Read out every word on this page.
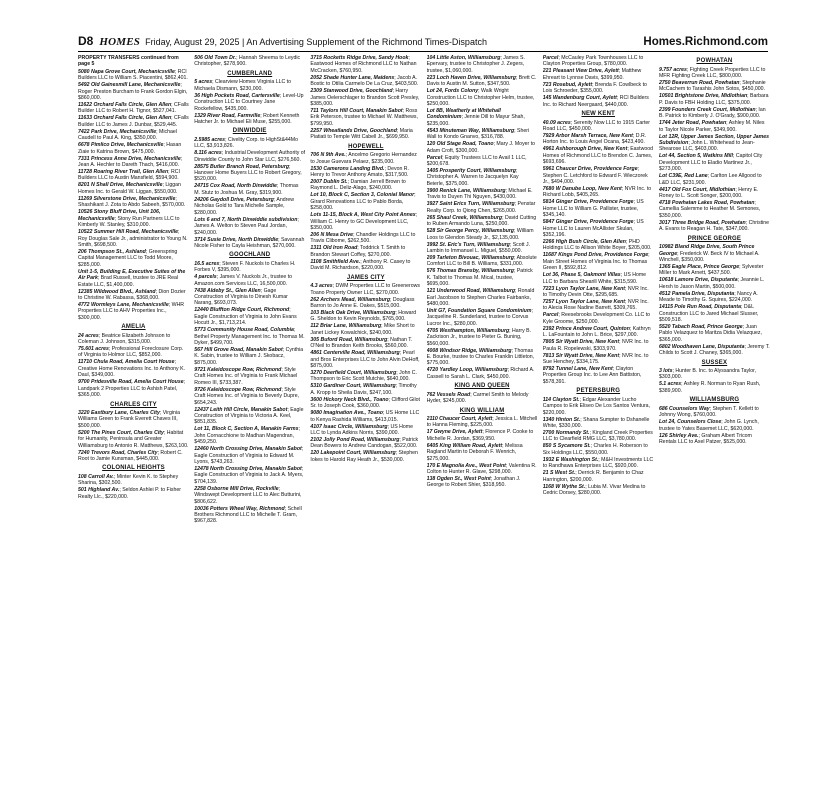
D8 HOMES Friday, August 29, 2025 | An Advertising Supplement of the Richmond Times-Dispatch	Homes.Richmond.com
PROPERTY TRANSFERS continued from page 5
5080 Napa Grove Court, Mechanicsville; RCI Builders LLC to William S. Piacentini, $862,401.
5492 Old Gainesmill Lane, Mechanicsville; Roger Preston Burcham to Frank Gordon Elgin, $860,000.
11622 Orchard Falls Circle, Glen Allen; CFalls Builder LLC to Robert H. Tignor, $527,041.
11633 Orchard Falls Circle, Glen Allen; CFalls Builder LLC to James J. Dunbar, $529,445.
7422 Park Drive, Mechanicsville; Michael Caudell to Paul A. King, $350,000.
6678 Pimlico Drive, Mechanicsville; Hasan Ziaie to Katrina Brown, $475,000.
7331 Princess Anne Drive, Mechanicsville; Jean A. Hechler to Dareth Thach, $416,000.
11728 Roaring River Trail, Glen Allen; RCI Builders LLC to Austin Mansfield, $594,900.
8201 N Shall Drive, Mechanicsville; Liggan Homes Inc. to Gerald W. Liggan, $550,000.
11269 Silverstone Drive, Mechanicsville; Shashikant J. Zota to Abdo Sabeeh, $570,000.
10526 Stony Bluff Drive, Unit 106, Mechanicsville; Stony Run Partners LLC to Kimberly W. Stanley, $310,000.
10522 Summer Hill Road, Mechanicsville; Roy Douglas Sale Jr., administrator to Young N. Smith, $698,500.
206 Thompson St., Ashland; Greenspring Capital Management LLC to Todd Moore, $285,000.
Unit 1-5, Building E, Executive Suites of the Air Park; Brad Russell, trustee to JRE Real Estate LLC, $1,400,000.
12385 Wildwood Blvd., Ashland; Dion Dozier to Christine W. Rabassa, $368,000.
4772 Wormleys Lane, Mechanicsville; WHR Properties LLC to AHV Properties Inc., $300,000.
AMELIA
24 acres; Beatrice Elizabeth Johnson to Coleman J. Johnson, $315,000.
75.601 acres; Professional Foreclosure Corp. of Virginia to Holmor LLC, $852,000.
11710 Chula Road, Amelia Court House; Creative Home Renovations Inc. to Anthony K. Daul, $349,000.
9700 Pridesville Road, Amelia Court House; Landpark 2 Properties LLC to Ashish Patel, $365,000.
CHARLES CITY
3220 Eastbury Lane, Charles City; Virginia Williams Green to Frank Everett Chaves III, $500,000.
5200 The Pines Court, Charles City; Habitat for Humanity, Peninsula and Greater Williamsburg to Antonio R. Matthews, $263,100.
7240 Trevors Road, Charles City; Robert C. Root to Jamie Kunsman, $445,000.
COLONIAL HEIGHTS
108 Carroll Av.; Minter Kevin K. to Stephey Sharina, $302,500.
501 Highland Av.; Seldon Ashlei P. to Fisher Realty Llc., $220,000.
506 Old Town Dr.; Hannah Sheema to Leydic Christopher, $278,900.
CUMBERLAND
5 acres; Clearview Homes Virginia LLC to Michaela Dismann, $230,000.
36 High Pockets Road, Cartersville; Level-Up Construction LLC to Courtney Jane Rockefellow, $435,000.
1329 River Road, Farmville; Robert Kenneth Hatcher Jr. to Michael Eli Muse, $255,000.
DINWIDDIE
2.5985 acres; Civelity Corp. to HighSt&44Mo LLC, $3,913,826.
8.116 acres; Industrial Development Authority of Dinwiddie County to John Star LLC, $276,560.
28575 Butler Branch Road, Petersburg; Hanover Home Buyers LLC to Robert Gregory, $520,000.
24715 Cox Road, North Dinwiddie; Thomas M. Stutz to Joshua M. Gray, $319,900.
24206 Gaydoll Drive, Petersburg; Andrew Nicholas Gold to Tara Michelle Sample, $280,000.
Lots 6 and 7, North Dinwiddie subdivision; James A. Welton to Steven Paul Jordan, $240,000.
3714 Susie Drive, North Dinwiddie; Savannah Nicole Fisher to Cayla Heishman, $270,000.
GOOCHLAND
16.5 acres; Steven F. Nuckols to Charles H. Forbes V, $395,000.
4 parcels; James V. Nuckols Jr., trustee to Amazon.com Services LLC, 16,500,000.
7438 Aldeby St., Glen Allen; Gage Construction of Virginia to Dinesh Kumar Narang, $693,073.
12440 Bluffton Ridge Court, Richmond; Eagle Construction of Virginia to John Evans Hocutt Jr., $1,713,214.
5773 Community House Road, Columbia; Bethel Property Management Inc. to Thomas M. Dyker, $499,700.
567 Hill Grove Road, Manakin Sabot; Cynthia K. Sabin, trustee to William J. Skobacz, $875,000.
9721 Kaleidoscope Row, Richmond; Style Craft Homes Inc. of Virginia to Frank Michael Romeo III, $733,387.
9726 Kaleidoscope Row, Richmond; Style Craft Homes Inc. of Virginia to Beverly Dupre, $654,243.
12437 Leith Hill Circle, Manakin Sabot; Eagle Construction of Virginia to Victoria A. Keel, $851,835.
Lot 11, Block C, Section A, Manakin Farms; John Cornacchione to Madhan Magendran, $459,250.
12460 North Crossing Drive, Manakin Sabot; Eagle Construction of Virginia to Edward M. Lyons, $743,263.
12478 North Crossing Drive, Manakin Sabot; Eagle Construction of Virginia to Jack A. Myers, $704,139.
2258 Osborne Mill Drive, Rockville; Windswept Development LLC to Alec Butturini, $806,622.
10036 Potters Wheel Way, Richmond; Schell Brothers Richmond LLC to Michelle T. Gram, $967,828.
3715 Rocketts Ridge Drive, Sandy Hook; Eastwood Homes of Richmond LLC to Nathan McCracken, $760,950.
2052 Shade Hunter Lane, Maidens; Jacob A. Bostic to Otilia Carmelo De La Cruz, $403,500.
2309 Stanwood Drive, Goochland; Harry James Oelerschlager to Brandon Scott Presley, $385,000.
711 Taylors Hill Court, Manakin Sabot; Ross Erik Peterson, trustee to Michael W. Matthews, $799,950.
2257 Wheatlands Drive, Goochland; Maria Piatiati to Temple Witt Cabell Jr., $699,950.
HOPEWELL
706 N 9th Ave.; Ancelmo Gregorio Hernandez to Josue Guevara Pelaez, $235,000.
1530 Camerons Landing Blvd.; Devon R. Henry to Trevor Anthony Amato, $317,500.
2007 Dublin St.; Damian Jerrell Brown to Raymond L. Deliz-Alago, $240,000.
Lot 10, Block C, Section 3, Colonial Manor; Girard Renovations LLC to Pablo Borda, $258,000.
Lots 11-15, Block A, West City Point Annex; William C. Henry to GC Development LLC, $350,000.
206 N Mesa Drive; Chandler Holdings LLC to Travis Clibome, $262,500.
1311 Old Iron Road; Toddrick T. Smith to Brandon Stewart Coffey, $270,000.
1108 Smithfield Ave.; Anthony R. Casey to David M. Richardson, $220,000.
JAMES CITY
4.3 acres; DWM Properties LLC to Greenerows Toano Property Owner LLC, $270,000.
262 Archers Mead, Williamsburg; Douglass Barron to Jo Anne E. Oakes, $515,000.
103 Black Oak Drive, Williamsburg; Howard G. Sheldon to Kevin Reynolds, $765,000.
112 Briar Lane, Williamsburg; Mike Short to Janet Lickey Kowalchick, $240,000.
305 Buford Road, Williamsburg; Nathan T. O'Neil to Brandon Keith Brooks, $560,000.
4861 Centerville Road, Williamsburg; Pearl and Bros Enterprises LLC to John Alvin DeHoff, $875,000.
3270 Deerfield Court, Williamsburg; John C. Thompson to Eric Scott Mutchie, $640,000.
5310 Gardiner Court, Williamsburg; Timothy A. Kropp to Sheila Davis, $247,100.
3600 Hickory Neck Blvd., Toano; Clifford Gilot Sr. to Joseph Cook, $360,000.
9080 Imagination Ave., Toano; US Home LLC to Kenya Rashida Williams, $413,015.
4107 Isaac Circle, Williamsburg; US Home LLC to Lynda Adkins Norris, $390,000.
2102 Jolly Pond Road, Williamsburg; Patrick Dean Bowers to Andrew Candogan, $522,000.
120 Lakepoint Court, Williamsburg; Stephen Iokes to Harold Ray Heath Jr., $530,000.
104 Little Aston, Williamsburg; James S. Epervary, trustee to Christopher J. Zegers, trustee, $1,060,000.
223 Loch Haven Drive, Williamsburg; Brett C. Davis to Austin M. Sutton, $347,500.
Lot 24, Fords Colony; Walk Wright Construction LLC to Christopher Helm, trustee, $250,000.
Lot 8B, Weatherly at Whitehall Condominium; Jennie Dill to Mayur Shah, $235,000.
4543 Minuteman Way, Williamsburg; Sheri Wall to Kondo Gnanvo, $316,788.
120 Old Stage Road, Toano; Mary J. Moyer to Adam Croft, $300,000.
Parcel; Equity Trustees LLC to Avail 1 LLC, $200,678.
1405 Prosperity Court, Williamsburg; Christopher A. Warren to Jacquelyn Kay Beierle, $375,000.
3900 Renick Lane, Williamsburg; Michael E. Travis to Duyen Thi Nguyen, $430,000.
3927 Saint Erics Turn, Williamsburg; Penstar Realty Corp. to Qiong Chen, $265,000.
265 Shaul Creek, Williamsburg; David Cutting to Ruben Armando Luna, $250,000.
528 Sir George Percy, Williamsburg; William Loos to Glendon Steady Jr., $2,135,000.
3992 St. Eric's Turn, Williamsburg; Scott J. Lambin to Immanuel L. Miguel, $550,000.
209 Tarleton Bivouac, Williamsburg; Absolute Comfort LLC to Bill B. Williams, $331,000.
576 Thomas Bransby, Williamsburg; Patrick K. Talbot to Thomas M. Mical, trustee, $695,000.
121 Underwood Road, Williamsburg; Ronald Earl Jacobson to Stephen Charles Fairbanks, $480,000.
Unit G7, Foundation Square Condominium; Jacqueline R. Sunderland, trustee to Corvus Lucror Inc., $280,000.
4705 Westhampton, Williamsburg; Harry B. Zackrison Jr., trustee to Pieter G. Buning, $560,000.
4008 Windsor Ridge, Williamsburg; Thomas E. Bourke, trustee to Charles Franklin Littleton, $775,000.
4720 Yardley Loop, Williamsburg; Richard A. Cassell to Sarah L. Clark, $450,000.
KING AND QUEEN
762 Vessels Road; Carmel Smith to Melody Hyder, $245,000.
KING WILLIAM
2110 Chaucer Court, Aylett; Jessica L. Mitchell to Hanna Fleming, $225,000.
17 Gwyne Drive, Aylett; Florence P. Cooke to Michelle R. Jordan, $369,950.
6405 King William Road, Aylett; Melissa Ragland Martin to Deborah F. Wenrich, $275,000.
170 E Magnolia Ave., West Point; Valentina R. Colton to Hunter R. Glave, $298,000.
138 Ogden St., West Point; Jonathan J. George to Robert Shier, $318,950.
Parcel; McCauley Park Townhouses LLC to Clayton Properties Group, $780,000.
221 Pleasant View Drive, Aylett; Matthew Ehreart to Lynnse Davis, $399,950.
723 Rosebud, Aylett; Brenda F. Cowlbeck to Lois Schroeder, $355,000.
145 Wandenburg Court, Aylett; RCI Builders Inc. to Richard Neergaard, $440,000.
NEW KENT
40.09 acres; Serenity Now LLC to 1915 Carter Road LLC, $450,000.
7929 Arbor Marsh Terrace, New Kent; D.R. Horton Inc. to Louis Angel Ocana, $423,490.
4961 Ashborough Drive, New Kent; Eastwood Homes of Richmond LLC to Brendon C. James, $693,696.
5961 Chaucer Drive, Providence Forge; Stephen C. Letchford to Edward F. Wieczorek Jr., $494,000.
7680 W Danube Loop, New Kent; NVR Inc. to Richard Lobb, $405,265.
5814 Ginger Drive, Providence Forge; US Home LLC to William G. Pallister, trustee, $345,140.
5847 Ginger Drive, Providence Forge; US Home LLC to Lauren McAllister Skulan, $352,196.
2266 High Bush Circle, Glen Allen; PHD Holdings LLC to Allison White Boyer, $205,000.
11687 Kings Pond Drive, Providence Forge; Main Street Homes of Virginia Inc. to Thomas Green II, $592,812.
Lot 36, Phase 5, Oakmont Villas; US Home LLC to Barbara Shearill White, $315,590.
7223 Lyon Taylor Lane, New Kent; NVR Inc. to Timothy Devin Otte, $295,685.
7257 Lyon Taylor Lane, New Kent; NVR Inc. to Alecia Rose Nadine Barrett, $309,765.
Parcel; Reesebrooks Development Co. LLC to Kyle Groome, $250,000.
2392 Prince Andrew Court, Quinton; Kathryn L. LaFountain to John L. Brice, $297,000.
7805 Sir Wyatt Drive, New Kent; NVR Inc. to Paula R. Ropelewski, $303,970.
7813 Sir Wyatt Drive, New Kent; NVR Inc. to Sue Henchey, $334,175.
8792 Tunnel Lane, New Kent; Clayton Properties Group Inc. to Lee Ann Battiston, $578,391.
PETERSBURG
114 Clayton St.; Edgar Alexander Lucho Campos to Erik Eliseo De Los Santos Ventura, $220,000.
1340 Hinton St.; Shana Sumpter to Dshanelle White, $330,000.
2700 Normandy St.; Kingland Creek Properties LLC to Clearfield RMG LLC, $3,780,000.
850 S Sycamore St.; Charles H. Roberson to Six Holdings LLC, $550,000.
1932 E Washington St.; M&H Investments LLC to Randhawa Enterprises LLC, $920,000.
21 S West St.; Derrick R. Benjamin to Chaz Harrington, $200,000.
1168 W Wythe St.; Lubia M. Vivar Medina to Cedric Dorsey, $280,000.
POWHATAN
9.757 acres; Fighting Creek Properties LLC to MFR Fighting Creek LLC, $800,000.
2750 Beaverrun Road, Powhatan; Stephanie McCachem to Tarashis John Sotos, $450,000.
10501 Brightstone Drive, Midlothian; Barbara P. Davis to FBH Holding LLC, $375,000.
2399 Founders Creek Court, Midlothian; Ian B. Patrick to Kimberly J. O'Grady, $900,000.
1744 Jeter Road, Powhatan; Ashley M. Niles to Taylor Nicole Parker, $349,900.
Lot 12R, Upper James Section, Upper James Subdivision; John L. Whitehead to Jean-Shearose LLC, $403,000.
Lot 44, Section 5, Watkins Mill; Capitol City Development LLC to Eladio Martinez Jr., $273,000.
Lot C39E, Red Lane; Carlton Lee Allgood to L&D LLC, $231,900.
4417 Old Fox Court, Midlothian; Henry E. Roney to L. Scott Songer, $200,000.
4718 Powhatan Lakes Road, Powhatan; Camellia Salemme to Heather M. Semones, $350,000.
3017 Three Bridge Road, Powhatan; Christine A. Evans to Reagan H. Tate, $347,000.
PRINCE GEORGE
10982 Bland Ridge Drive, South Prince George; Frederick W. Beck IV to Michael A. Winchell, $350,000.
1365 Eagle Place, Prince George; Sylvester Miller to Mark Arnett, $437,500.
10618 Lamore Drive, Disputanta; Jeannie L. Hersh to Jason Martin, $500,000.
4512 Pamela Drive, Disputanta; Nancy A. Meade to Timothy G. Squires, $224,000.
14115 Pole Run Road, Disputanta; D&L Construction LLC to Jared Michael Slusser, $509,518.
5520 Tabach Road, Prince George; Juan Pablo Velazquez to Maritza Didia Velazquez, $365,000.
6802 Woodhaven Lane, Disputanta; Jeremy T. Childs to Scott J. Chaney, $365,000.
SUSSEX
3 lots; Hunter B. Inc. to Alyssandra Taylor, $303,000.
5.1 acres; Ashley R. Norman to Ryan Rush, $389,900.
WILLIAMSBURG
686 Counselors Way; Stephen T. Kellett to Johnny Wong, $760,000.
Lot 24, Counselors Close; John G. Lynch, trustee to Yates Basemet LLC, $620,000.
126 Shirley Ave.; Graham Albert Tricom Rentals LLC to Axel Patzer, $525,000.
